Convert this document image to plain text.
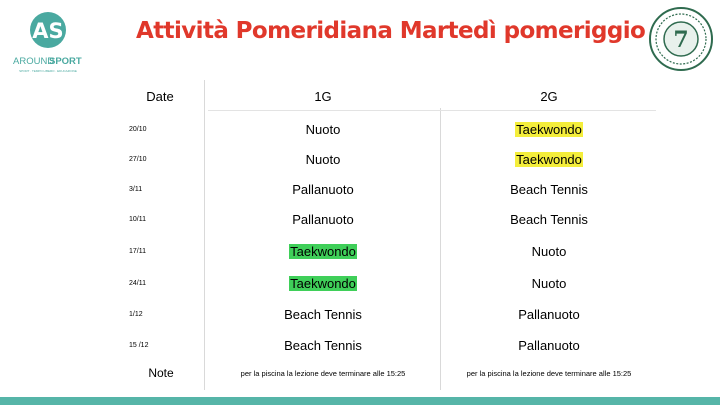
AS
AROUND
SPORT
SPORT · TEMPO LIBERO · EDUCAZIONE
Attività Pomeridiana Martedì pomeriggio 7
Date	1G	2G
20/10	Nuoto	Taekwondo
27/10	Nuoto	Taekwondo
3/11	Pallanuoto	Beach Tennis
10/11	Pallanuoto	Beach Tennis
17/11	Taekwondo	Nuoto
24/11	Taekwondo	Nuoto
1/12	Beach Tennis	Pallanuoto
15 /12	Beach Tennis	Pallanuoto
Note	per la piscina la lezione deve terminare alle 15:25	per la piscina la lezione deve terminare alle 15:25
